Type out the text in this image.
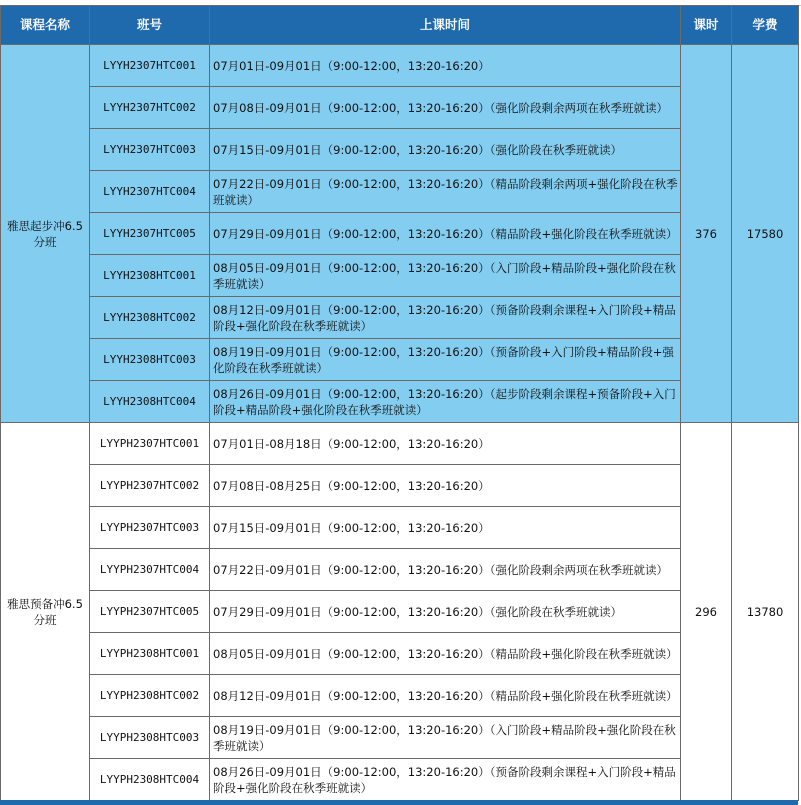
课程名称	班号	上课时间	课时	学费
雅思起步冲6.5分班	LYYH2307HTC001	07月01日-09月01日（9:00-12:00，13:20-16:20）	376	17580
	LYYH2307HTC002	07月08日-09月01日（9:00-12:00，13:20-16:20）（强化阶段剩余两项在秋季班就读）		
	LYYH2307HTC003	07月15日-09月01日（9:00-12:00，13:20-16:20）（强化阶段在秋季班就读）		
	LYYH2307HTC004	07月22日-09月01日（9:00-12:00，13:20-16:20）（精品阶段剩余两项+强化阶段在秋季班就读）		
	LYYH2307HTC005	07月29日-09月01日（9:00-12:00，13:20-16:20）（精品阶段+强化阶段在秋季班就读）		
	LYYH2308HTC001	08月05日-09月01日（9:00-12:00，13:20-16:20）（入门阶段+精品阶段+强化阶段在秋季班就读）		
	LYYH2308HTC002	08月12日-09月01日（9:00-12:00，13:20-16:20）（预备阶段剩余课程+入门阶段+精品阶段+强化阶段在秋季班就读）		
	LYYH2308HTC003	08月19日-09月01日（9:00-12:00，13:20-16:20）（预备阶段+入门阶段+精品阶段+强化阶段在秋季班就读）		
	LYYH2308HTC004	08月26日-09月01日（9:00-12:00，13:20-16:20）（起步阶段剩余课程+预备阶段+入门阶段+精品阶段+强化阶段在秋季班就读）		
雅思预备冲6.5分班	LYYPH2307HTC001	07月01日-08月18日（9:00-12:00，13:20-16:20）	296	13780
	LYYPH2307HTC002	07月08日-08月25日（9:00-12:00，13:20-16:20）		
	LYYPH2307HTC003	07月15日-09月01日（9:00-12:00，13:20-16:20）		
	LYYPH2307HTC004	07月22日-09月01日（9:00-12:00，13:20-16:20）（强化阶段剩余两项在秋季班就读）		
	LYYPH2307HTC005	07月29日-09月01日（9:00-12:00，13:20-16:20）（强化阶段在秋季班就读）		
	LYYPH2308HTC001	08月05日-09月01日（9:00-12:00，13:20-16:20）（精品阶段+强化阶段在秋季班就读）		
	LYYPH2308HTC002	08月12日-09月01日（9:00-12:00，13:20-16:20）（精品阶段+强化阶段在秋季班就读）		
	LYYPH2308HTC003	08月19日-09月01日（9:00-12:00，13:20-16:20）（入门阶段+精品阶段+强化阶段在秋季班就读）		
	LYYPH2308HTC004	08月26日-09月01日（9:00-12:00，13:20-16:20）（预备阶段剩余课程+入门阶段+精品阶段+强化阶段在秋季班就读）		
